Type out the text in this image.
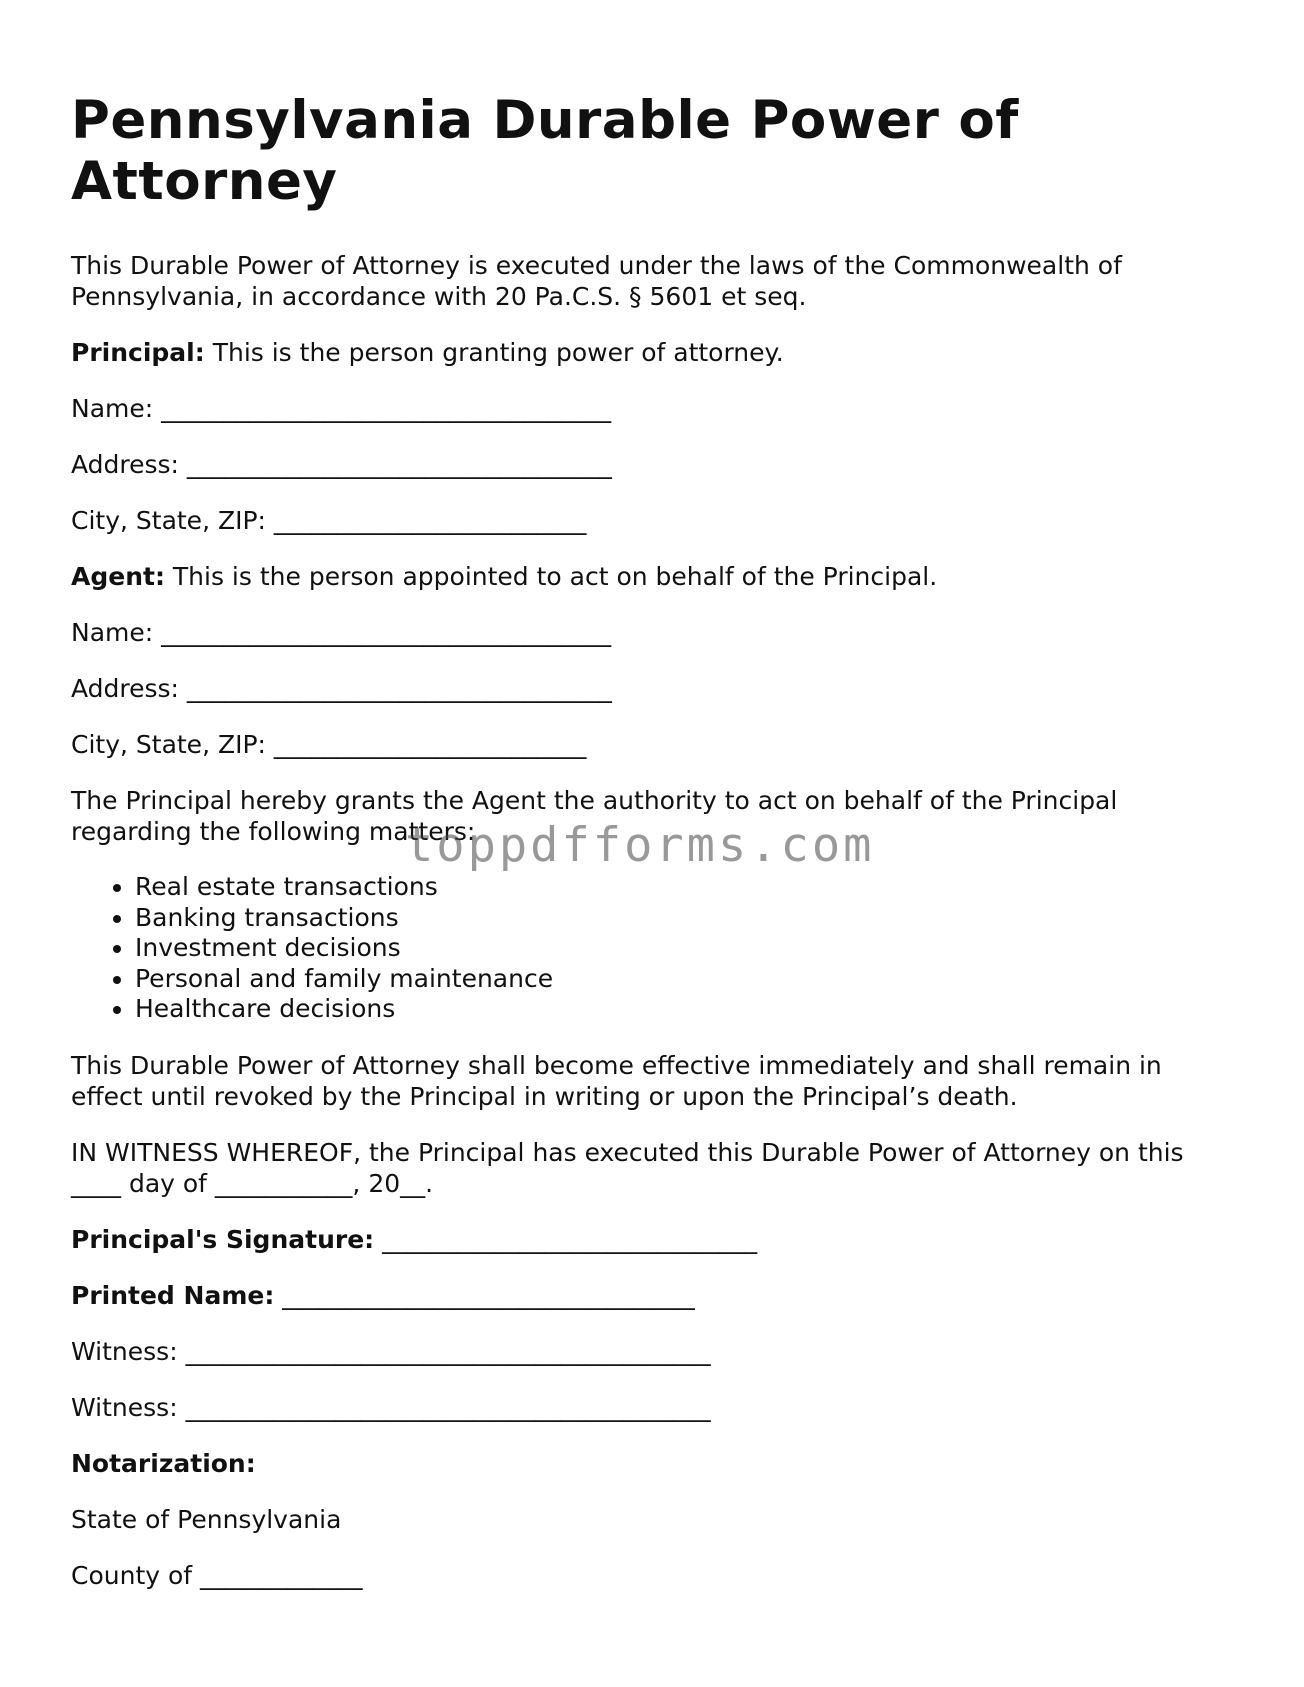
Pennsylvania Durable Power of Attorney

This Durable Power of Attorney is executed under the laws of the Commonwealth of Pennsylvania, in accordance with 20 Pa.C.S. § 5601 et seq.

Principal: This is the person granting power of attorney.

Name: ____________________________________

Address: __________________________________

City, State, ZIP: _________________________

Agent: This is the person appointed to act on behalf of the Principal.

Name: ____________________________________

Address: __________________________________

City, State, ZIP: _________________________

The Principal hereby grants the Agent the authority to act on behalf of the Principal regarding the following matters:

• Real estate transactions
• Banking transactions
• Investment decisions
• Personal and family maintenance
• Healthcare decisions

This Durable Power of Attorney shall become effective immediately and shall remain in effect until revoked by the Principal in writing or upon the Principal’s death.

IN WITNESS WHEREOF, the Principal has executed this Durable Power of Attorney on this ____ day of ___________, 20__.

Principal's Signature: ______________________________

Printed Name: _________________________________

Witness: __________________________________________

Witness: __________________________________________

Notarization:

State of Pennsylvania

County of _____________

toppdfforms.com
